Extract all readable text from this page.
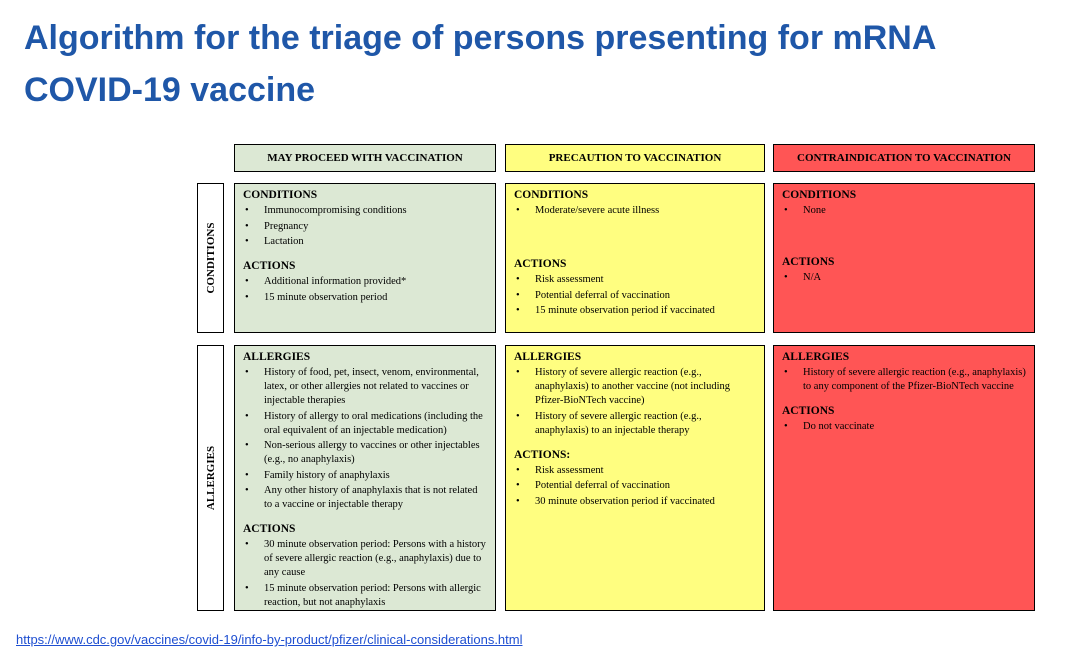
Algorithm for the triage of persons presenting for mRNA COVID-19 vaccine
MAY PROCEED WITH VACCINATION	PRECAUTION TO VACCINATION	CONTRAINDICATION TO VACCINATION
CONDITIONS
ALLERGIES

CONDITIONS

• Immunocompromising conditions
• Pregnancy
• Lactation

ACTIONS

• Additional information provided*
• 15 minute observation period

CONDITIONS

• Moderate/severe acute illness

ACTIONS

• Risk assessment
• Potential deferral of vaccination
• 15 minute observation period if vaccinated

CONDITIONS

• None

ACTIONS

• N/A

ALLERGIES

• History of food, pet, insect, venom, environmental, latex, or other allergies not related to vaccines or injectable therapies
• History of allergy to oral medications (including the oral equivalent of an injectable medication)
• Non-serious allergy to vaccines or other injectables (e.g., no anaphylaxis)
• Family history of anaphylaxis
• Any other history of anaphylaxis that is not related to a vaccine or injectable therapy

ACTIONS

• 30 minute observation period: Persons with a history of severe allergic reaction (e.g., anaphylaxis) due to any cause
• 15 minute observation period: Persons with allergic reaction, but not anaphylaxis

ALLERGIES

• History of severe allergic reaction (e.g., anaphylaxis) to another vaccine (not including Pfizer-BioNTech vaccine)
• History of severe allergic reaction (e.g., anaphylaxis) to an injectable therapy

ACTIONS:

• Risk assessment
• Potential deferral of vaccination
• 30 minute observation period if vaccinated

ALLERGIES

• History of severe allergic reaction (e.g., anaphylaxis) to any component of the Pfizer-BioNTech vaccine

ACTIONS

• Do not vaccinate
https://www.cdc.gov/vaccines/covid-19/info-by-product/pfizer/clinical-considerations.html
